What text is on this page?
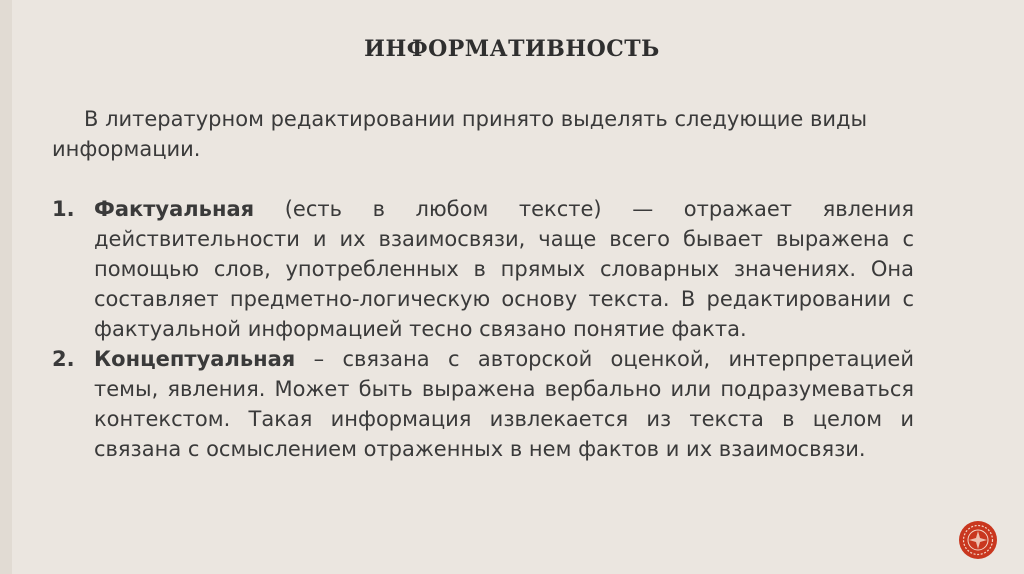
ИНФОРМАТИВНОСТЬ

В литературном редактировании принято выделять следующие виды информации.

1. Фактуальная (есть в любом тексте) — отражает явления действительности и их взаимосвязи, чаще всего бывает выражена с помощью слов, употребленных в прямых словарных значениях. Она составляет предметно-логическую основу текста. В редактировании с фактуальной информацией тесно связано понятие факта.
2. Концептуальная – связана с авторской оценкой, интерпретацией темы, явления. Может быть выражена вербально или подразумеваться контекстом. Такая информация извлекается из текста в целом и связана с осмыслением отраженных в нем фактов и их взаимосвязи.
